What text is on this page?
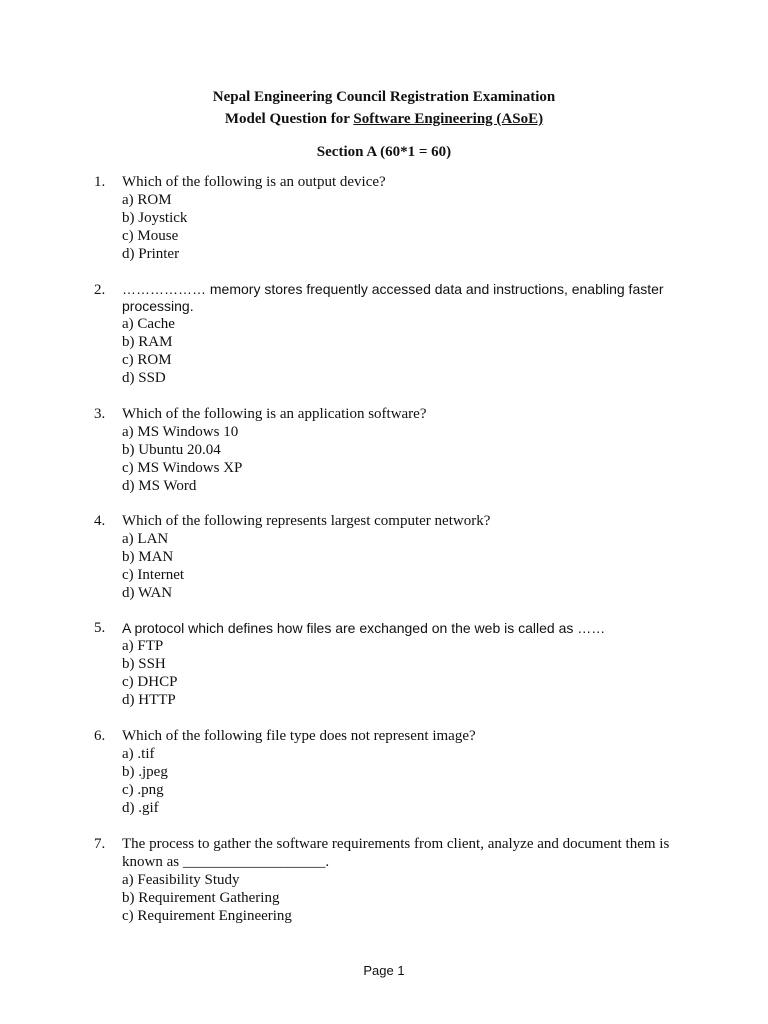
Nepal Engineering Council Registration Examination
Model Question for Software Engineering (ASoE)
Section A (60*1 = 60)
1. Which of the following is an output device?
a) ROM
b) Joystick
c) Mouse
d) Printer
2. ……………… memory stores frequently accessed data and instructions, enabling faster processing.
a) Cache
b) RAM
c) ROM
d) SSD
3. Which of the following is an application software?
a) MS Windows 10
b) Ubuntu 20.04
c) MS Windows XP
d) MS Word
4. Which of the following represents largest computer network?
a) LAN
b) MAN
c) Internet
d) WAN
5. A protocol which defines how files are exchanged on the web is called as ……
a) FTP
b) SSH
c) DHCP
d) HTTP
6. Which of the following file type does not represent image?
a) .tif
b) .jpeg
c) .png
d) .gif
7. The process to gather the software requirements from client, analyze and document them is known as ___________________.
a) Feasibility Study
b) Requirement Gathering
c) Requirement Engineering
Page 1
